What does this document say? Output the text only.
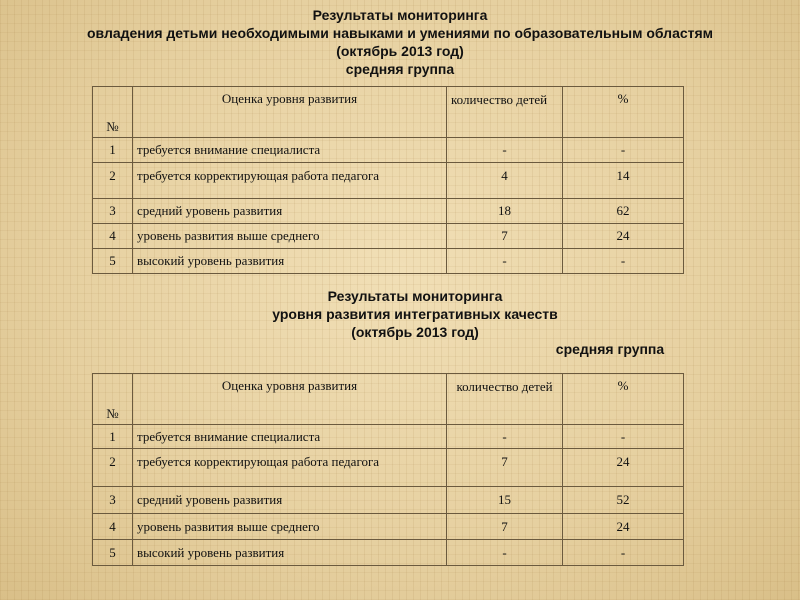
Результаты мониторинга
овладения детьми необходимыми навыками и умениями по образовательным областям
(октябрь 2013 год)
средняя группа
№	Оценка уровня развития	количество детей	%
1	требуется внимание специалиста	-	-
2	требуется корректирующая работа педагога	4	14
3	средний уровень развития	18	62
4	уровень развития выше среднего	7	24
5	высокий уровень развития	-	-
Результаты мониторинга
уровня развития интегративных качеств
(октябрь 2013 год)
средняя группа
№	Оценка уровня развития	количество детей	%
1	требуется внимание специалиста	-	-
2	требуется корректирующая работа педагога	7	24
3	средний уровень развития	15	52
4	уровень развития выше среднего	7	24
5	высокий уровень развития	-	-
